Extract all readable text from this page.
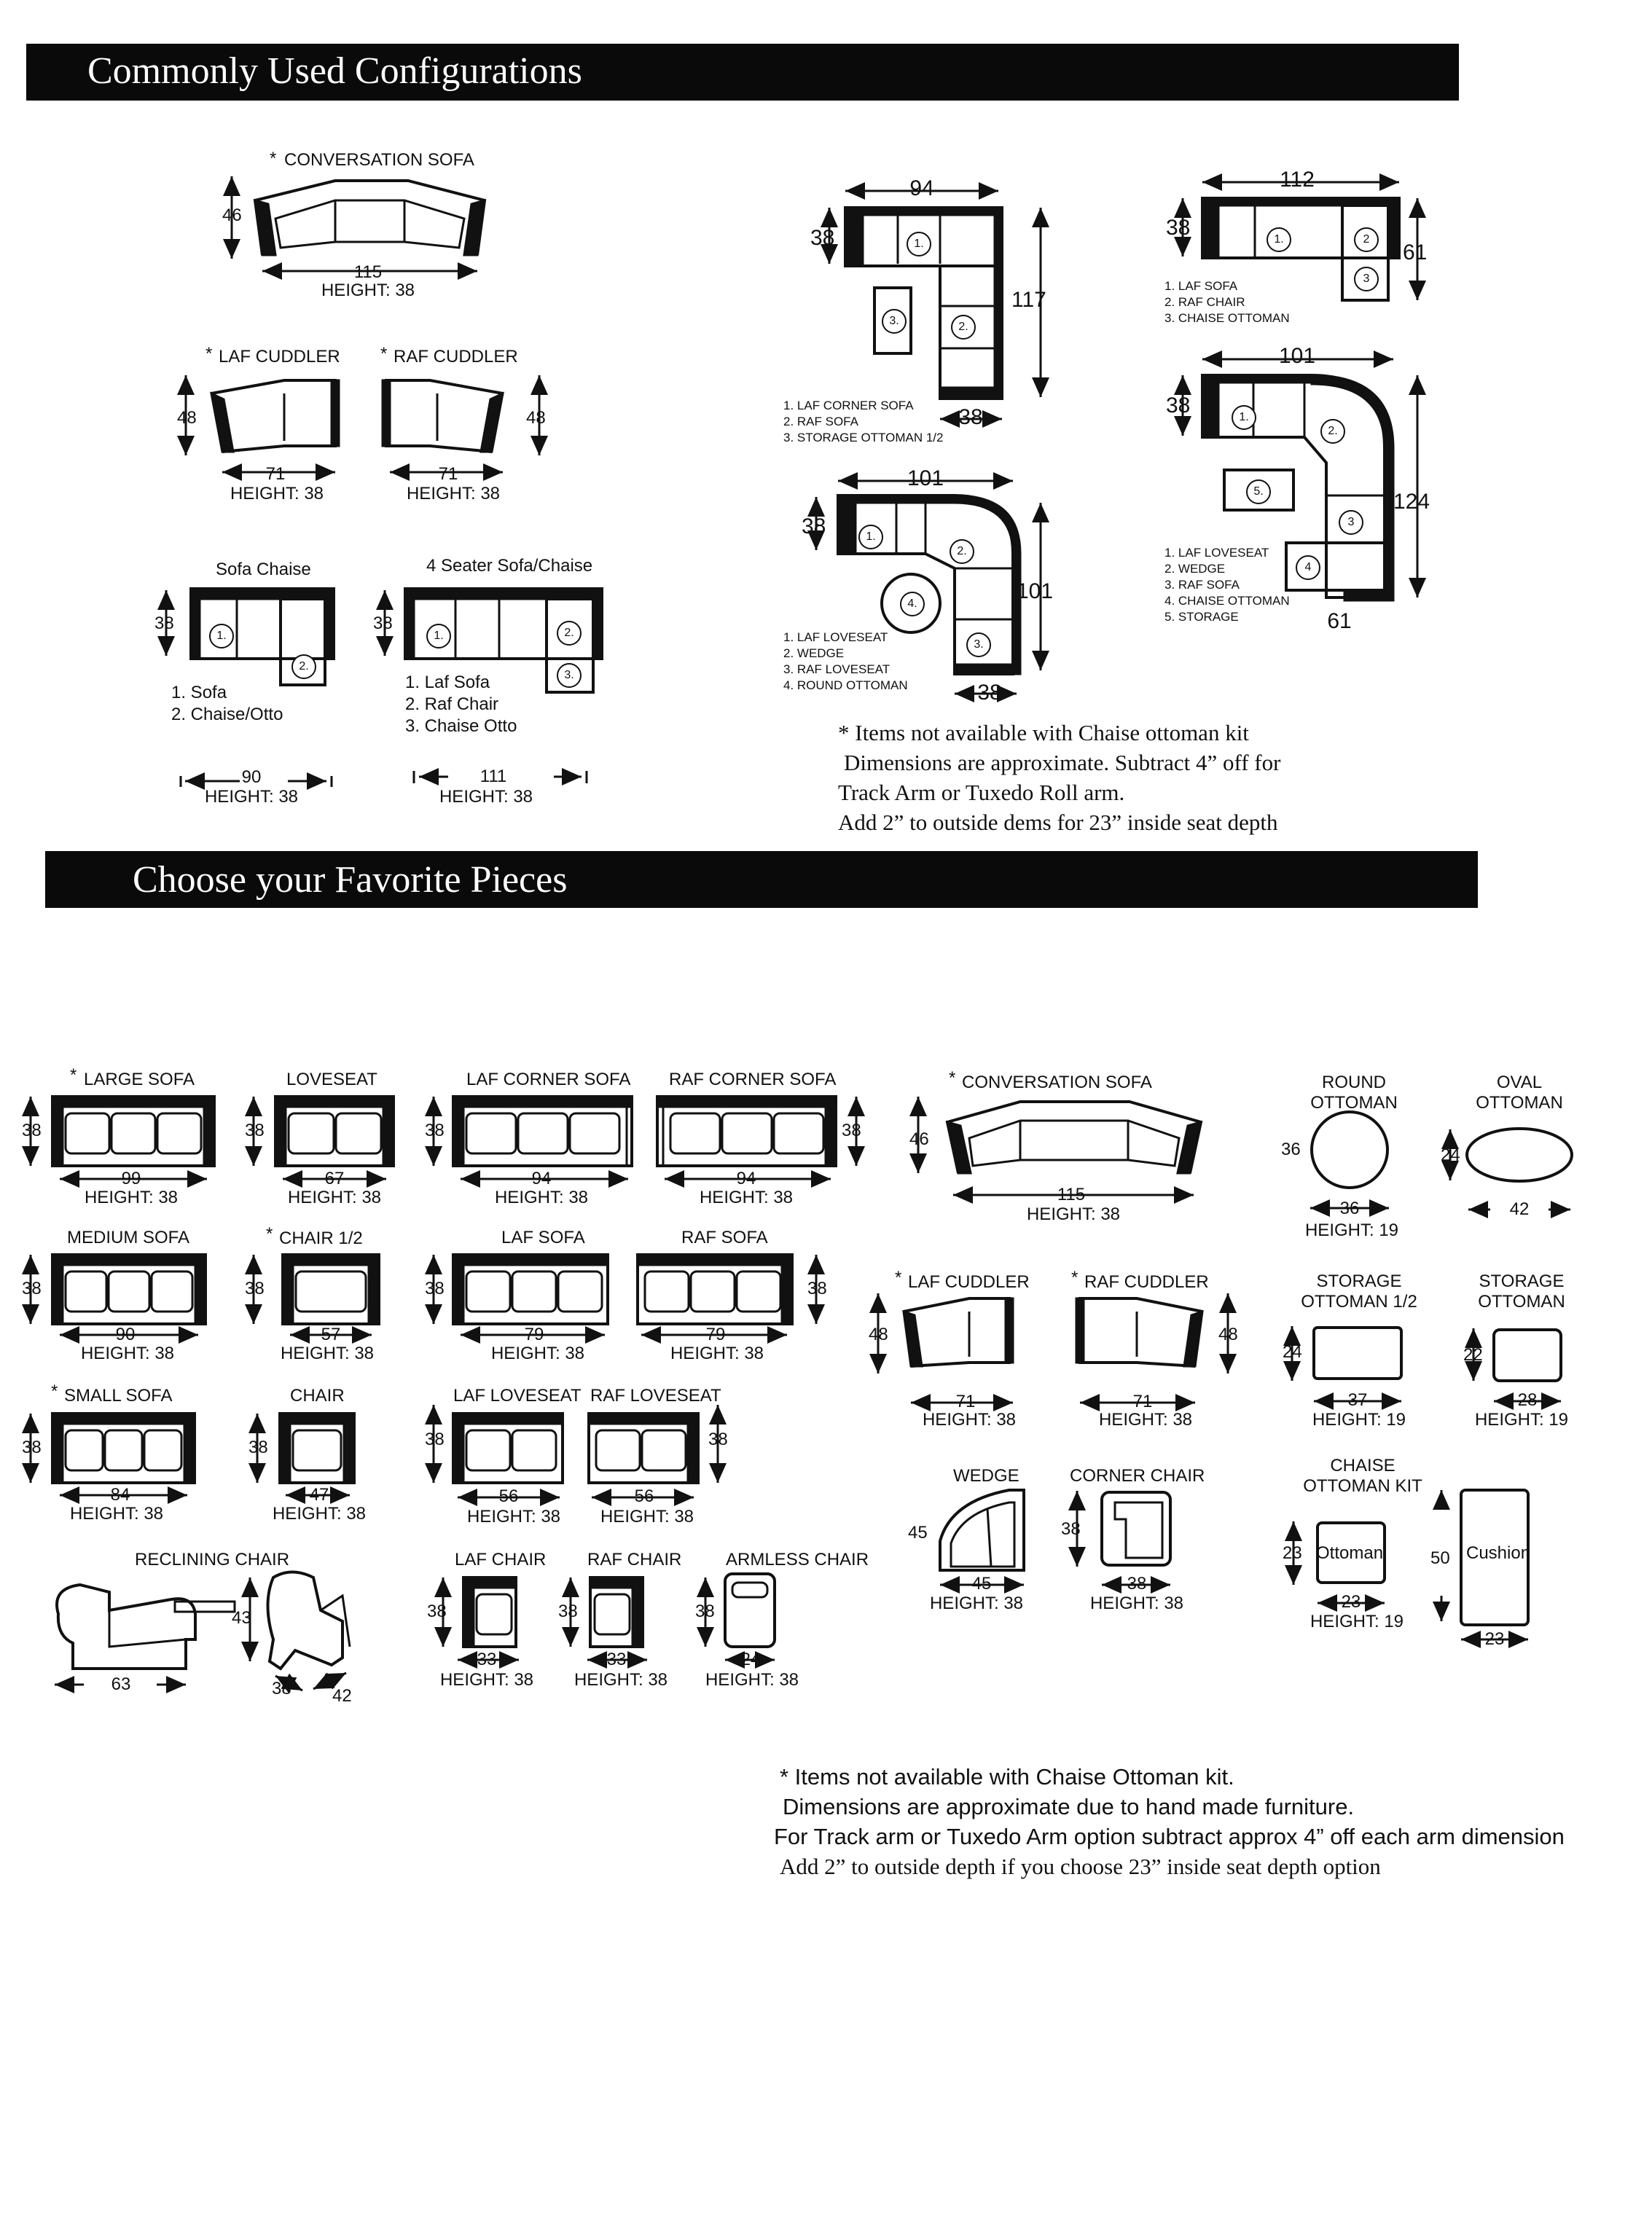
Commonly Used Configurations
Choose your Favorite Pieces
* CONVERSATION SOFA
46
115
HEIGHT: 38
* LAF CUDDLER
48
71
HEIGHT: 38
* RAF CUDDLER
48
71
HEIGHT: 38
Sofa Chaise
38
1.
2.
1. Sofa
2. Chaise/Otto
90
HEIGHT: 38
4 Seater Sofa/Chaise
38
1.	2.
3.
1. Laf Sofa
2. Raf Chair
3. Chaise Otto
111
HEIGHT: 38
94
38
117
38
1.
3.	2.
1. LAF CORNER SOFA
2. RAF SOFA
3. STORAGE OTTOMAN 1/2
112
38
61
1.	2
3
1. LAF SOFA
2. RAF CHAIR
3. CHAISE OTTOMAN
101
38
101
38
1.
2.
4.
3.
1. LAF LOVESEAT
2. WEDGE
3. RAF LOVESEAT
4. ROUND OTTOMAN
101
38
124
61
1.
2.
3
5.
4
1. LAF LOVESEAT
2. WEDGE
3. RAF SOFA
4. CHAISE OTTOMAN
5. STORAGE
* Items not available with Chaise ottoman kit
Dimensions are approximate. Subtract 4” off for
Track Arm or Tuxedo Roll arm.
Add 2” to outside dems for 23” inside seat depth
* LARGE SOFA
38
99
HEIGHT: 38
LOVESEAT
38
67
HEIGHT: 38
LAF CORNER SOFA
38
94
HEIGHT: 38
RAF CORNER SOFA
38
94
HEIGHT: 38
* CONVERSATION SOFA
46
115
HEIGHT: 38
ROUND
OTTOMAN
36
36
HEIGHT: 19
OVAL
OTTOMAN
24
42
MEDIUM SOFA
38
90
HEIGHT: 38
* CHAIR 1/2
38
57
HEIGHT: 38
LAF SOFA
38
79
HEIGHT: 38
RAF SOFA
38
79
HEIGHT: 38
* LAF CUDDLER
48
71
HEIGHT: 38
* RAF CUDDLER
48
71
HEIGHT: 38
STORAGE
OTTOMAN 1/2
24
37
HEIGHT: 19
STORAGE
OTTOMAN
22
28
HEIGHT: 19
* SMALL SOFA
38
84
HEIGHT: 38
CHAIR
38
47
HEIGHT: 38
LAF LOVESEAT
38
56
HEIGHT: 38
RAF LOVESEAT
38
56
HEIGHT: 38
WEDGE
45
45
HEIGHT: 38
CORNER CHAIR
38
38
HEIGHT: 38
CHAISE
OTTOMAN KIT
Ottoman	Cushion
23
23
HEIGHT: 19
50
23
RECLINING CHAIR
63
43
38 42
LAF CHAIR
38
33
HEIGHT: 38
RAF CHAIR
38
33
HEIGHT: 38
ARMLESS CHAIR
38
24
HEIGHT: 38
* Items not available with Chaise Ottoman kit.
Dimensions are approximate due to hand made furniture.
For Track arm or Tuxedo Arm option subtract approx 4” off each arm dimension
Add 2” to outside depth if you choose 23” inside seat depth option
